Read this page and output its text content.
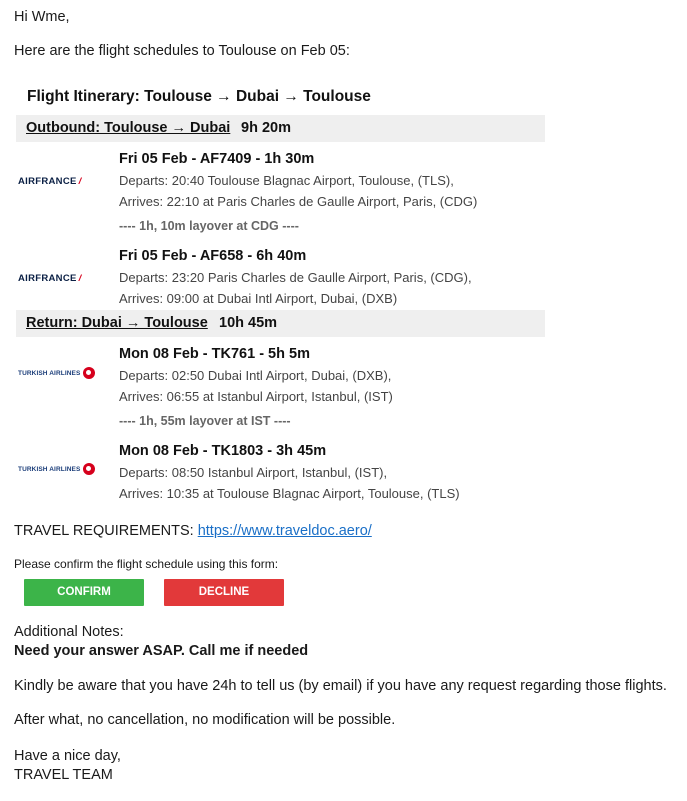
Hi Wme,
Here are the flight schedules to Toulouse on Feb 05:
Flight Itinerary: Toulouse → Dubai → Toulouse
Outbound: Toulouse → Dubai 9h 20m
AIRFRANCE /
Fri 05 Feb - AF7409 - 1h 30m
Departs: 20:40 Toulouse Blagnac Airport, Toulouse, (TLS),
Arrives: 22:10 at Paris Charles de Gaulle Airport, Paris, (CDG)
---- 1h, 10m layover at CDG ----
AIRFRANCE /
Fri 05 Feb - AF658 - 6h 40m
Departs: 23:20 Paris Charles de Gaulle Airport, Paris, (CDG),
Arrives: 09:00 at Dubai Intl Airport, Dubai, (DXB)
Return: Dubai → Toulouse 10h 45m
TURKISH AIRLINES
Mon 08 Feb - TK761 - 5h 5m
Departs: 02:50 Dubai Intl Airport, Dubai, (DXB),
Arrives: 06:55 at Istanbul Airport, Istanbul, (IST)
---- 1h, 55m layover at IST ----
TURKISH AIRLINES
Mon 08 Feb - TK1803 - 3h 45m
Departs: 08:50 Istanbul Airport, Istanbul, (IST),
Arrives: 10:35 at Toulouse Blagnac Airport, Toulouse, (TLS)
TRAVEL REQUIREMENTS: https://www.traveldoc.aero/
Please confirm the flight schedule using this form:
CONFIRM	DECLINE
Additional Notes:
Need your answer ASAP. Call me if needed
Kindly be aware that you have 24h to tell us (by email) if you have any request regarding those flights.
After what, no cancellation, no modification will be possible.
Have a nice day,
TRAVEL TEAM
